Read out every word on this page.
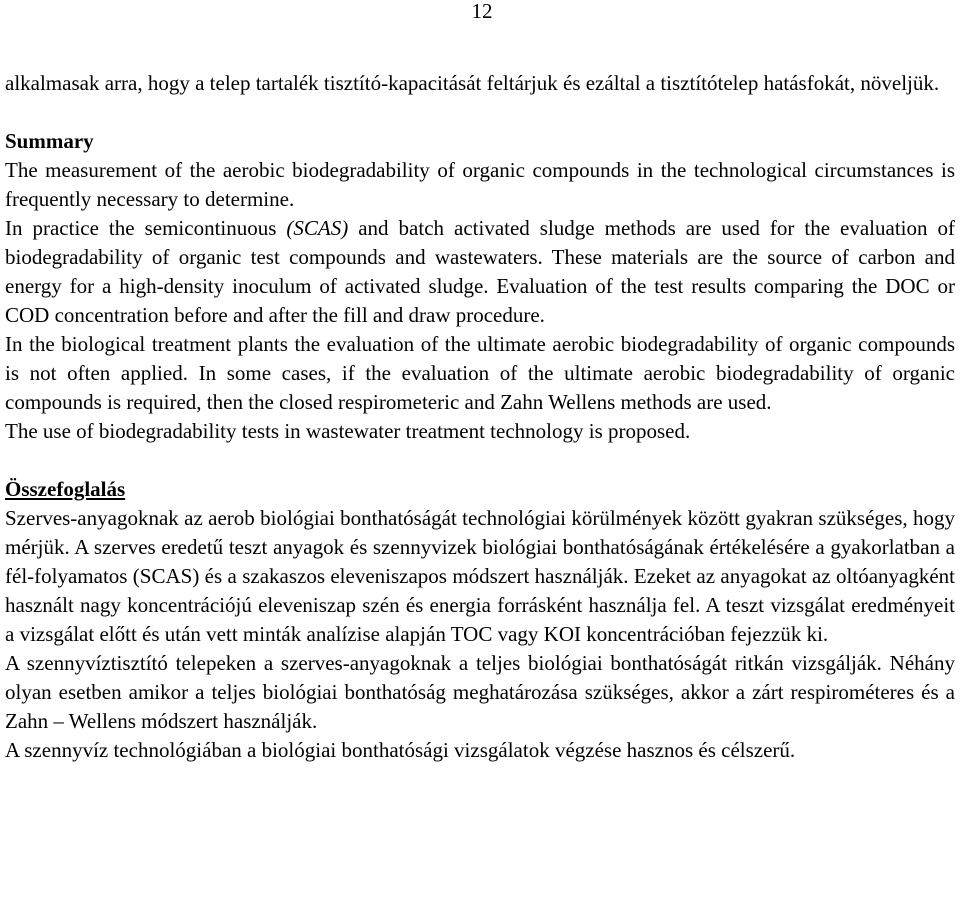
12

alkalmasak arra, hogy a telep tartalék tisztító-kapacitását feltárjuk és ezáltal a tisztítótelep hatásfokát, növeljük.

Summary

The measurement of the aerobic biodegradability of organic compounds in the technological circumstances is frequently necessary to determine.

In practice the semicontinuous (SCAS) and batch activated sludge methods are used for the evaluation of biodegradability of organic test compounds and wastewaters. These materials are the source of carbon and energy for a high-density inoculum of activated sludge. Evaluation of the test results comparing the DOC or COD concentration before and after the fill and draw procedure.

In the biological treatment plants the evaluation of the ultimate aerobic biodegradability of organic compounds is not often applied. In some cases, if the evaluation of the ultimate aerobic biodegradability of organic compounds is required, then the closed respirometeric and Zahn Wellens methods are used.

The use of biodegradability tests in wastewater treatment technology is proposed.

Összefoglalás

Szerves-anyagoknak az aerob biológiai bonthatóságát technológiai körülmények között gyakran szükséges, hogy mérjük. A szerves eredetű teszt anyagok és szennyvizek biológiai bonthatóságának értékelésére a gyakorlatban a fél-folyamatos (SCAS) és a szakaszos eleveniszapos módszert használják. Ezeket az anyagokat az oltóanyagként használt nagy koncentrációjú eleveniszap szén és energia forrásként használja fel. A teszt vizsgálat eredményeit a vizsgálat előtt és után vett minták analízise alapján TOC vagy KOI koncentrációban fejezzük ki.

A szennyvíztisztító telepeken a szerves-anyagoknak a teljes biológiai bonthatóságát ritkán vizsgálják. Néhány olyan esetben amikor a teljes biológiai bonthatóság meghatározása szükséges, akkor a zárt respirométeres és a Zahn – Wellens módszert használják.

A szennyvíz technológiában a biológiai bonthatósági vizsgálatok végzése hasznos és célszerű.
